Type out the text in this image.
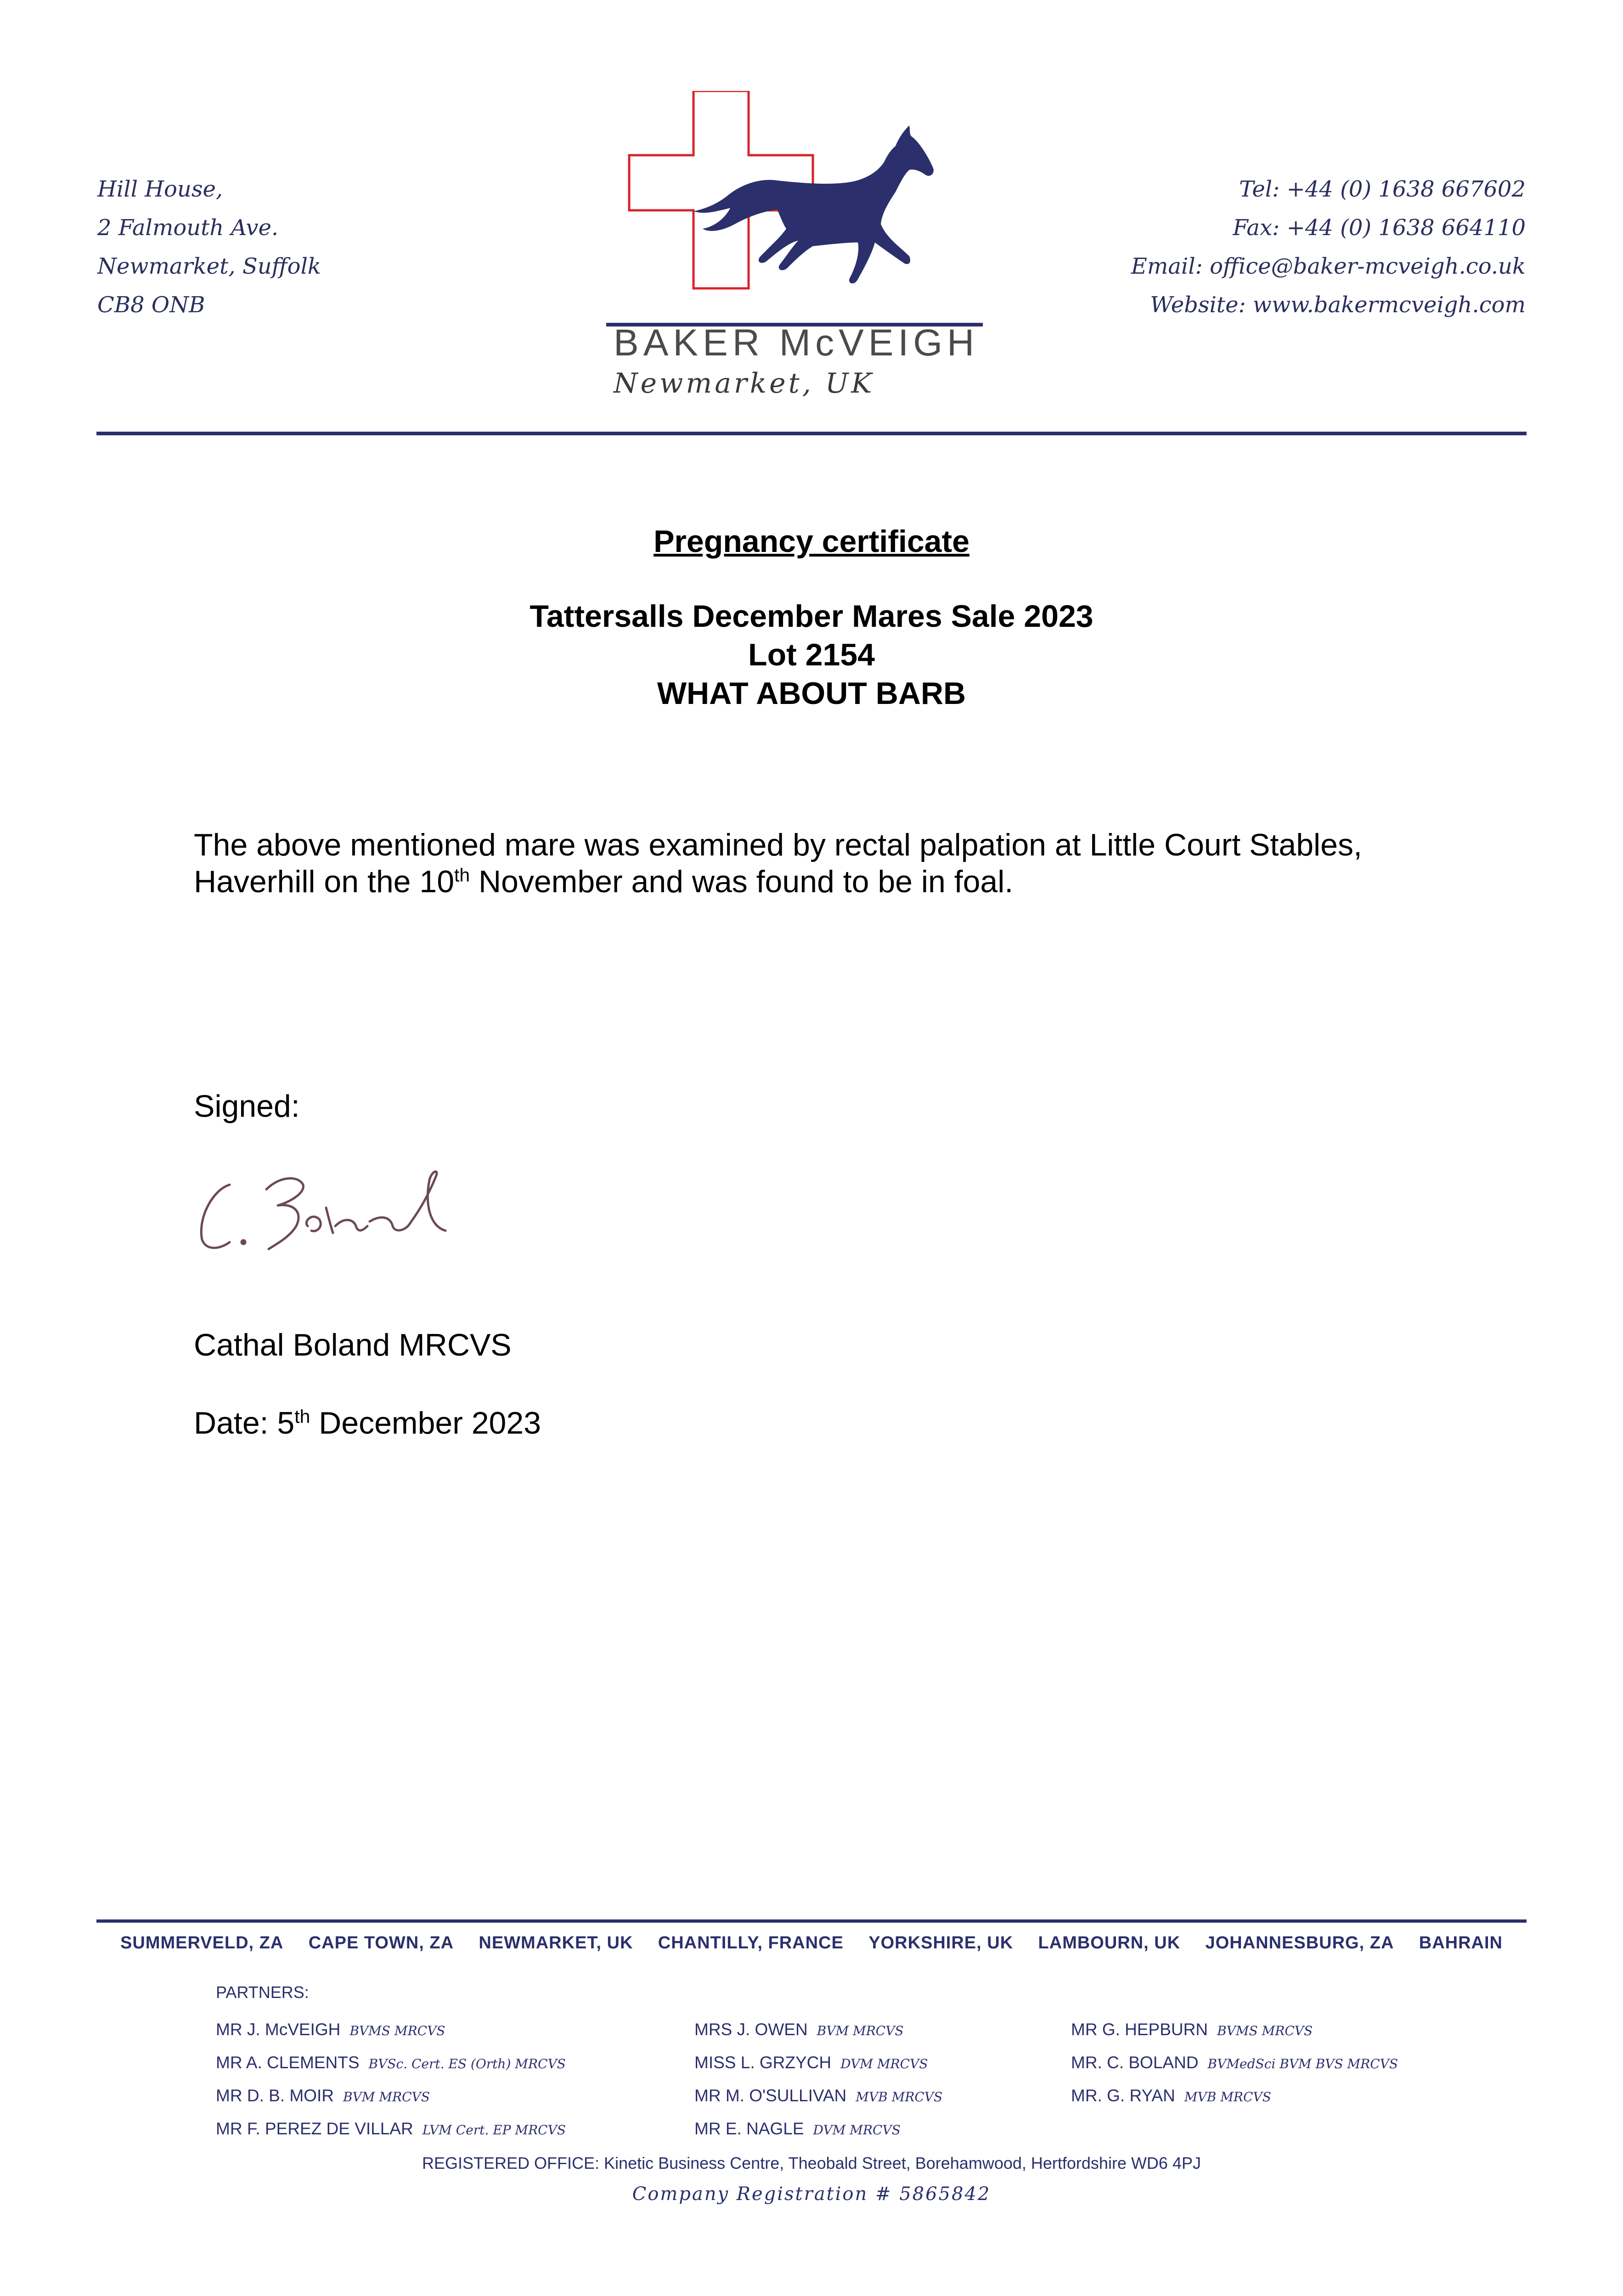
Hill House,
2 Falmouth Ave.
Newmarket, Suffolk
CB8 ONB
Tel: +44 (0) 1638 667602
Fax: +44 (0) 1638 664110
Email: office@baker-mcveigh.co.uk
Website: www.bakermcveigh.com
BAKER McVEIGH
Newmarket, UK
Pregnancy certificate
Tattersalls December Mares Sale 2023
Lot 2154
WHAT ABOUT BARB
The above mentioned mare was examined by rectal palpation at Little Court Stables, Haverhill on the 10th November and was found to be in foal.
Signed:
Cathal Boland MRCVS
Date: 5th December 2023
SUMMERVELD, ZA CAPE TOWN, ZA NEWMARKET, UK CHANTILLY, FRANCE YORKSHIRE, UK LAMBOURN, UK JOHANNESBURG, ZA BAHRAIN
PARTNERS:
MR J. McVEIGH BVMS MRCVS
MR A. CLEMENTS BVSc. Cert. ES (Orth) MRCVS
MR D. B. MOIR BVM MRCVS
MR F. PEREZ DE VILLAR LVM Cert. EP MRCVS
MRS J. OWEN BVM MRCVS
MISS L. GRZYCH DVM MRCVS
MR M. O'SULLIVAN MVB MRCVS
MR E. NAGLE DVM MRCVS
MR G. HEPBURN BVMS MRCVS
MR. C. BOLAND BVMedSci BVM BVS MRCVS
MR. G. RYAN MVB MRCVS
REGISTERED OFFICE: Kinetic Business Centre, Theobald Street, Borehamwood, Hertfordshire WD6 4PJ
Company Registration # 5865842
